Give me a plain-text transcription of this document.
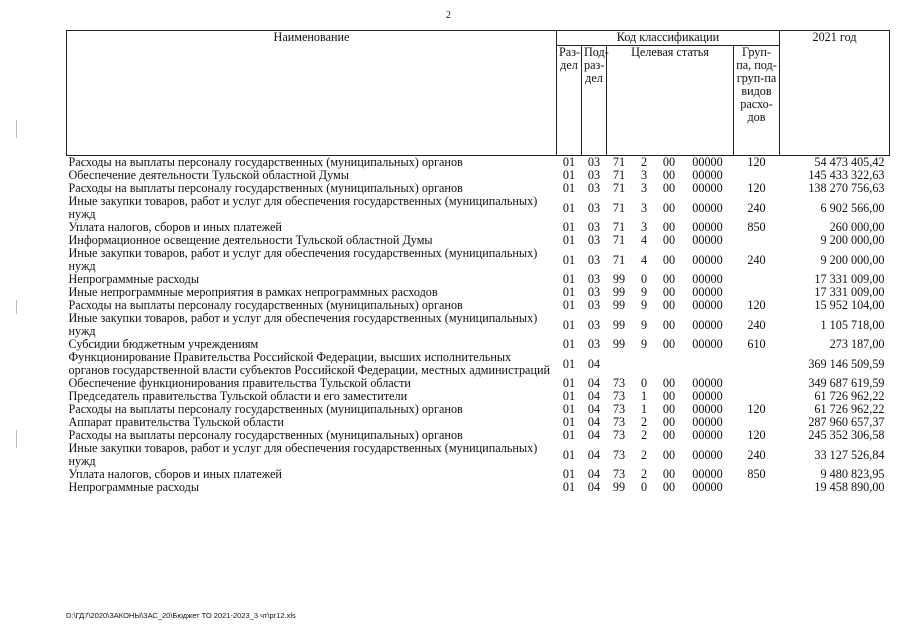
2
Наименование	Код классификации							2021 год
	Раз-дел	Под-раз-дел	Целевая статья				Груп-па, под-груп-па видов расхо-дов	
Расходы на выплаты персоналу государственных (муниципальных) органов	01	03	71	2	00	00000	120	54 473 405,42
Обеспечение деятельности Тульской областной Думы	01	03	71	3	00	00000		145 433 322,63
Расходы на выплаты персоналу государственных (муниципальных) органов	01	03	71	3	00	00000	120	138 270 756,63
Иные закупки товаров, работ и услуг для обеспечения государственных (муниципальных) нужд	01	03	71	3	00	00000	240	6 902 566,00
Уплата налогов, сборов и иных платежей	01	03	71	3	00	00000	850	260 000,00
Информационное освещение деятельности Тульской областной Думы	01	03	71	4	00	00000		9 200 000,00
Иные закупки товаров, работ и услуг для обеспечения государственных (муниципальных) нужд	01	03	71	4	00	00000	240	9 200 000,00
Непрограммные расходы	01	03	99	0	00	00000		17 331 009,00
Иные непрограммные мероприятия в рамках непрограммных расходов	01	03	99	9	00	00000		17 331 009,00
Расходы на выплаты персоналу государственных (муниципальных) органов	01	03	99	9	00	00000	120	15 952 104,00
Иные закупки товаров, работ и услуг для обеспечения государственных (муниципальных) нужд	01	03	99	9	00	00000	240	1 105 718,00
Субсидии бюджетным учреждениям	01	03	99	9	00	00000	610	273 187,00
Функционирование Правительства Российской Федерации, высших исполнительных органов государственной власти субъектов Российской Федерации, местных администраций	01	04						369 146 509,59
Обеспечение функционирования правительства Тульской области	01	04	73	0	00	00000		349 687 619,59
Председатель правительства Тульской области и его заместители	01	04	73	1	00	00000		61 726 962,22
Расходы на выплаты персоналу государственных (муниципальных) органов	01	04	73	1	00	00000	120	61 726 962,22
Аппарат правительства Тульской области	01	04	73	2	00	00000		287 960 657,37
Расходы на выплаты персоналу государственных (муниципальных) органов	01	04	73	2	00	00000	120	245 352 306,58
Иные закупки товаров, работ и услуг для обеспечения государственных (муниципальных) нужд	01	04	73	2	00	00000	240	33 127 526,84
Уплата налогов, сборов и иных платежей	01	04	73	2	00	00000	850	9 480 823,95
Непрограммные расходы	01	04	99	0	00	00000		19 458 890,00
D:\ГД7\2020\ЗАКОНЫ\ЗАС_20\Бюджет ТО 2021-2023_3 чт\pr12.xls
